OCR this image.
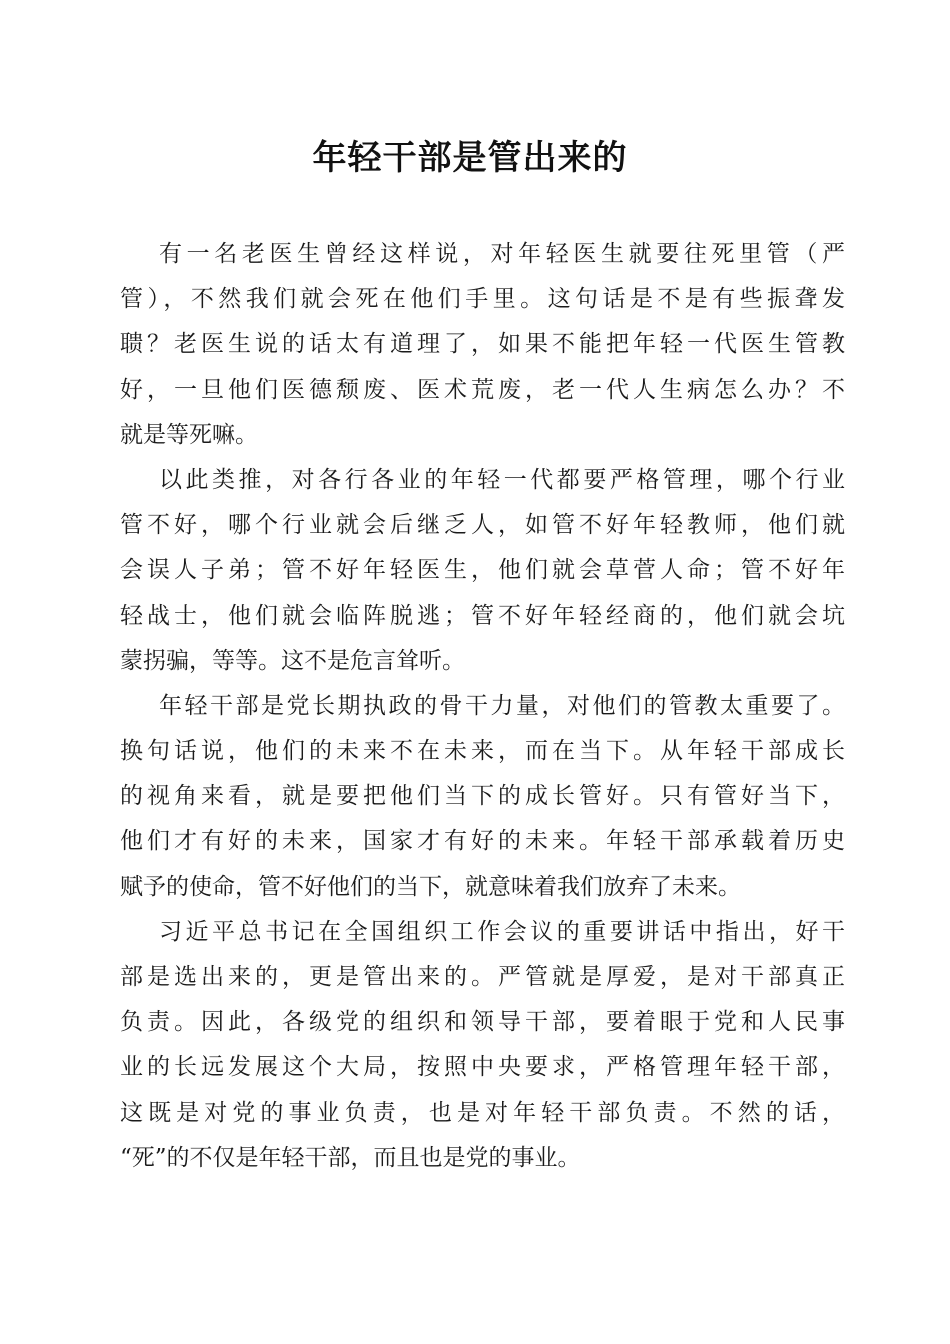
年轻干部是管出来的

有一名老医生曾经这样说，对年轻医生就要往死里管（严
管），不然我们就会死在他们手里。这句话是不是有些振聋发
聩？老医生说的话太有道理了，如果不能把年轻一代医生管教
好，一旦他们医德颓废、医术荒废，老一代人生病怎么办？不
就是等死嘛。

以此类推，对各行各业的年轻一代都要严格管理，哪个行业
管不好，哪个行业就会后继乏人，如管不好年轻教师，他们就
会误人子弟；管不好年轻医生，他们就会草菅人命；管不好年
轻战士，他们就会临阵脱逃；管不好年轻经商的，他们就会坑
蒙拐骗，等等。这不是危言耸听。

年轻干部是党长期执政的骨干力量，对他们的管教太重要了。
换句话说，他们的未来不在未来，而在当下。从年轻干部成长
的视角来看，就是要把他们当下的成长管好。只有管好当下，
他们才有好的未来，国家才有好的未来。年轻干部承载着历史
赋予的使命，管不好他们的当下，就意味着我们放弃了未来。

习近平总书记在全国组织工作会议的重要讲话中指出，好干
部是选出来的，更是管出来的。严管就是厚爱，是对干部真正
负责。因此，各级党的组织和领导干部，要着眼于党和人民事
业的长远发展这个大局，按照中央要求，严格管理年轻干部，
这既是对党的事业负责，也是对年轻干部负责。不然的话，
“死”的不仅是年轻干部，而且也是党的事业。
